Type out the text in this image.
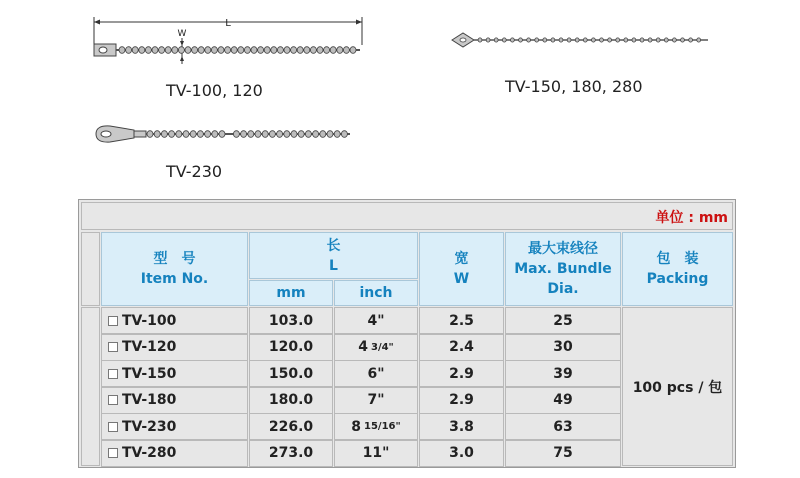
L
W
TV-100, 120	TV-150, 180, 280
TV-230
单位 : mm
型　号
Item No.
长
L
mm	inch
宽
W
最大束线径
Max. Bundle
Dia.
包　装
Packing
TV-100	103.0	4"	2.5	25
TV-120	120.0	4 3/4"	2.4	30
TV-150	150.0	6"	2.9	39
TV-180	180.0	7"	2.9	49
TV-230	226.0	8 15/16"	3.8	63
TV-280	273.0	11"	3.0	75
100 pcs / 包
